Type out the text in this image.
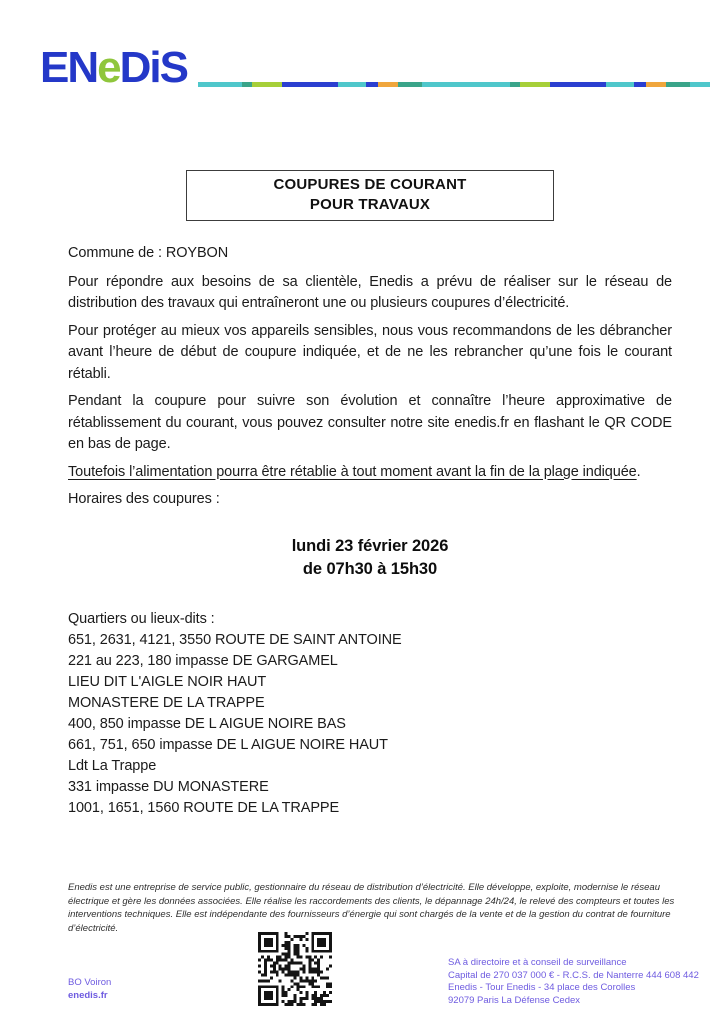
ENeDiS
COUPURES DE COURANT
POUR TRAVAUX
Commune de : ROYBON
Pour répondre aux besoins de sa clientèle, Enedis a prévu de réaliser sur le réseau de distribution des travaux qui entraîneront une ou plusieurs coupures d’électricité.
Pour protéger au mieux vos appareils sensibles, nous vous recommandons de les débrancher avant l’heure de début de coupure indiquée, et de ne les rebrancher qu’une fois le courant rétabli.
Pendant la coupure pour suivre son évolution et connaître l’heure approximative de rétablissement du courant, vous pouvez consulter notre site enedis.fr en flashant le QR CODE en bas de page.
Toutefois l’alimentation pourra être rétablie à tout moment avant la fin de la plage indiquée.
Horaires des coupures :
lundi 23 février 2026
de 07h30 à 15h30
Quartiers ou lieux-dits :
651, 2631, 4121, 3550 ROUTE DE SAINT ANTOINE
221 au 223, 180 impasse DE GARGAMEL
LIEU DIT L'AIGLE NOIR HAUT
MONASTERE DE LA TRAPPE
400, 850 impasse DE L AIGUE NOIRE BAS
661, 751, 650 impasse DE L AIGUE NOIRE HAUT
Ldt La Trappe
331 impasse DU MONASTERE
1001, 1651, 1560 ROUTE DE LA TRAPPE
Enedis est une entreprise de service public, gestionnaire du réseau de distribution d’électricité. Elle développe, exploite, modernise le réseau électrique et gère les données associées. Elle réalise les raccordements des clients, le dépannage 24h/24, le relevé des compteurs et toutes les interventions techniques. Elle est indépendante des fournisseurs d’énergie qui sont chargés de la vente et de la gestion du contrat de fourniture d’électricité.
BO Voiron
enedis.fr
SA à directoire et à conseil de surveillance
Capital de 270 037 000 € - R.C.S. de Nanterre 444 608 442
Enedis - Tour Enedis - 34 place des Corolles
92079 Paris La Défense Cedex
